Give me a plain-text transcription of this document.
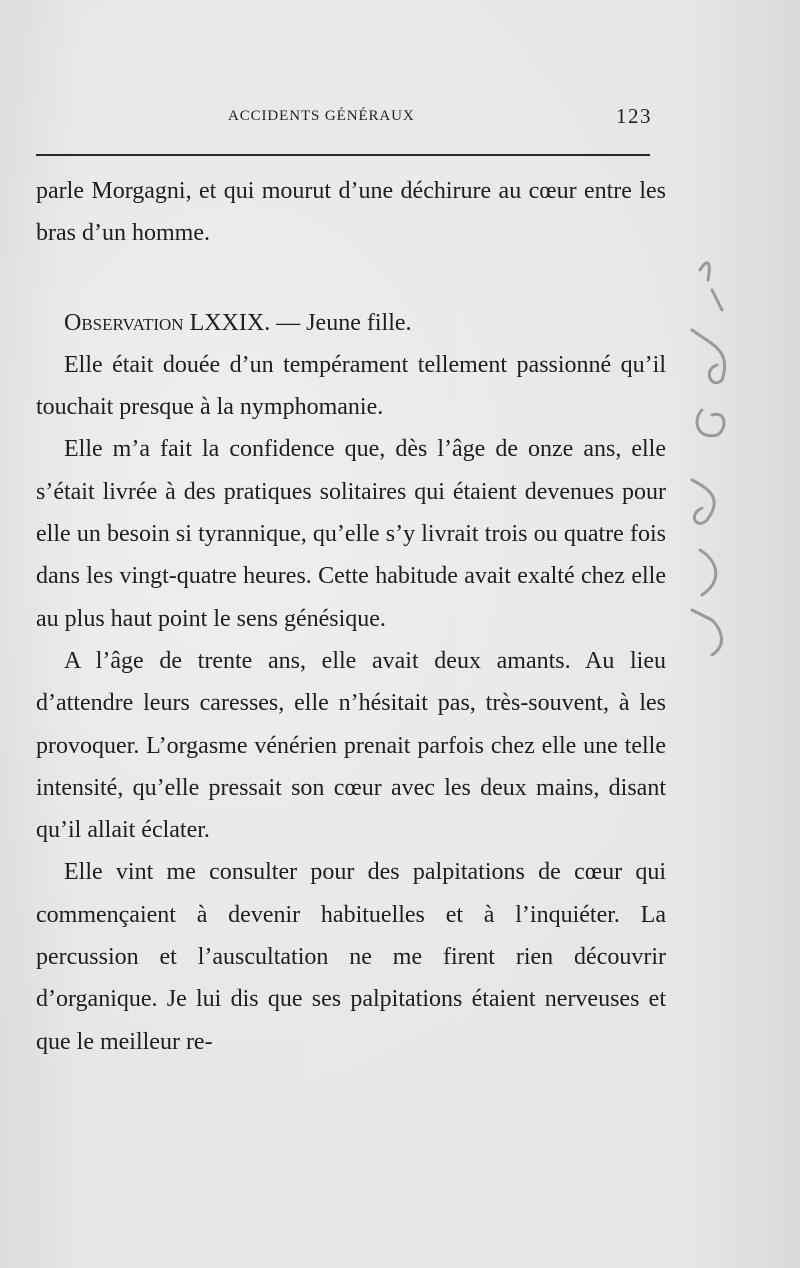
ACCIDENTS GÉNÉRAUX	123

parle Morgagni, et qui mourut d’une déchirure au cœur entre les bras d’un homme.

Observation LXXIX. — Jeune fille.

Elle était douée d’un tempérament tellement passionné qu’il touchait presque à la nymphomanie.

Elle m’a fait la confidence que, dès l’âge de onze ans, elle s’était livrée à des pratiques solitaires qui étaient devenues pour elle un besoin si tyrannique, qu’elle s’y livrait trois ou quatre fois dans les vingt-quatre heures. Cette habitude avait exalté chez elle au plus haut point le sens génésique.

A l’âge de trente ans, elle avait deux amants. Au lieu d’attendre leurs caresses, elle n’hésitait pas, très-souvent, à les provoquer. L’orgasme vénérien prenait parfois chez elle une telle intensité, qu’elle pressait son cœur avec les deux mains, disant qu’il allait éclater.

Elle vint me consulter pour des palpitations de cœur qui commençaient à devenir habituelles et à l’inquiéter. La percussion et l’auscultation ne me firent rien découvrir d’organique. Je lui dis que ses palpitations étaient nerveuses et que le meilleur re-
